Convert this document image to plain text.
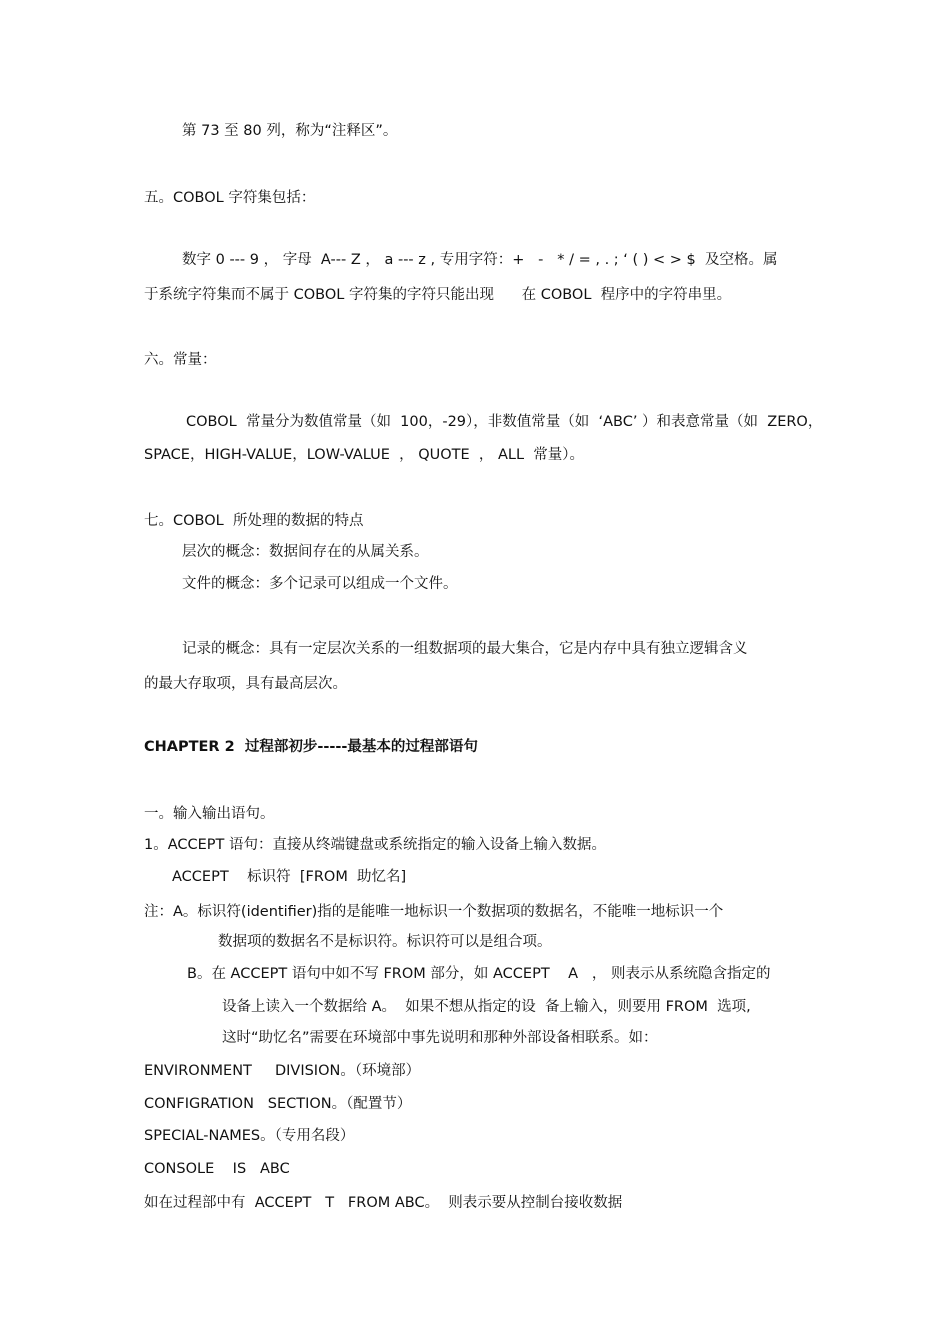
第 73 至 80 列，称为“注释区”。

五。COBOL 字符集包括：

数字 0 --- 9 ， 字母  A--- Z ， a --- z , 专用字符：+   -   * / = , . ; ‘ ( ) < > $  及空格。属

于系统字符集而不属于 COBOL 字符集的字符只能出现      在 COBOL  程序中的字符串里。

六。常量：

COBOL  常量分为数值常量（如  100，-29），非数值常量（如  ‘ABC’ ）和表意常量（如  ZERO，

SPACE，HIGH-VALUE，LOW-VALUE  ， QUOTE  ， ALL  常量）。

七。COBOL  所处理的数据的特点

层次的概念：数据间存在的从属关系。

文件的概念：多个记录可以组成一个文件。

记录的概念：具有一定层次关系的一组数据项的最大集合，它是内存中具有独立逻辑含义

的最大存取项，具有最高层次。

CHAPTER 2  过程部初步-----最基本的过程部语句

一。输入输出语句。

1。ACCEPT 语句：直接从终端键盘或系统指定的输入设备上输入数据。

ACCEPT    标识符  [FROM  助忆名]

注：A。标识符(identifier)指的是能唯一地标识一个数据项的数据名，不能唯一地标识一个

数据项的数据名不是标识符。标识符可以是组合项。

B。在 ACCEPT 语句中如不写 FROM 部分，如 ACCEPT    A   ， 则表示从系统隐含指定的

设备上读入一个数据给 A。  如果不想从指定的设  备上输入，则要用 FROM  选项,

这时“助忆名”需要在环境部中事先说明和那种外部设备相联系。如：

ENVIRONMENT     DIVISION。（环境部）

CONFIGRATION   SECTION。（配置节）

SPECIAL-NAMES。（专用名段）

CONSOLE    IS   ABC

如在过程部中有  ACCEPT   T   FROM ABC。  则表示要从控制台接收数据
